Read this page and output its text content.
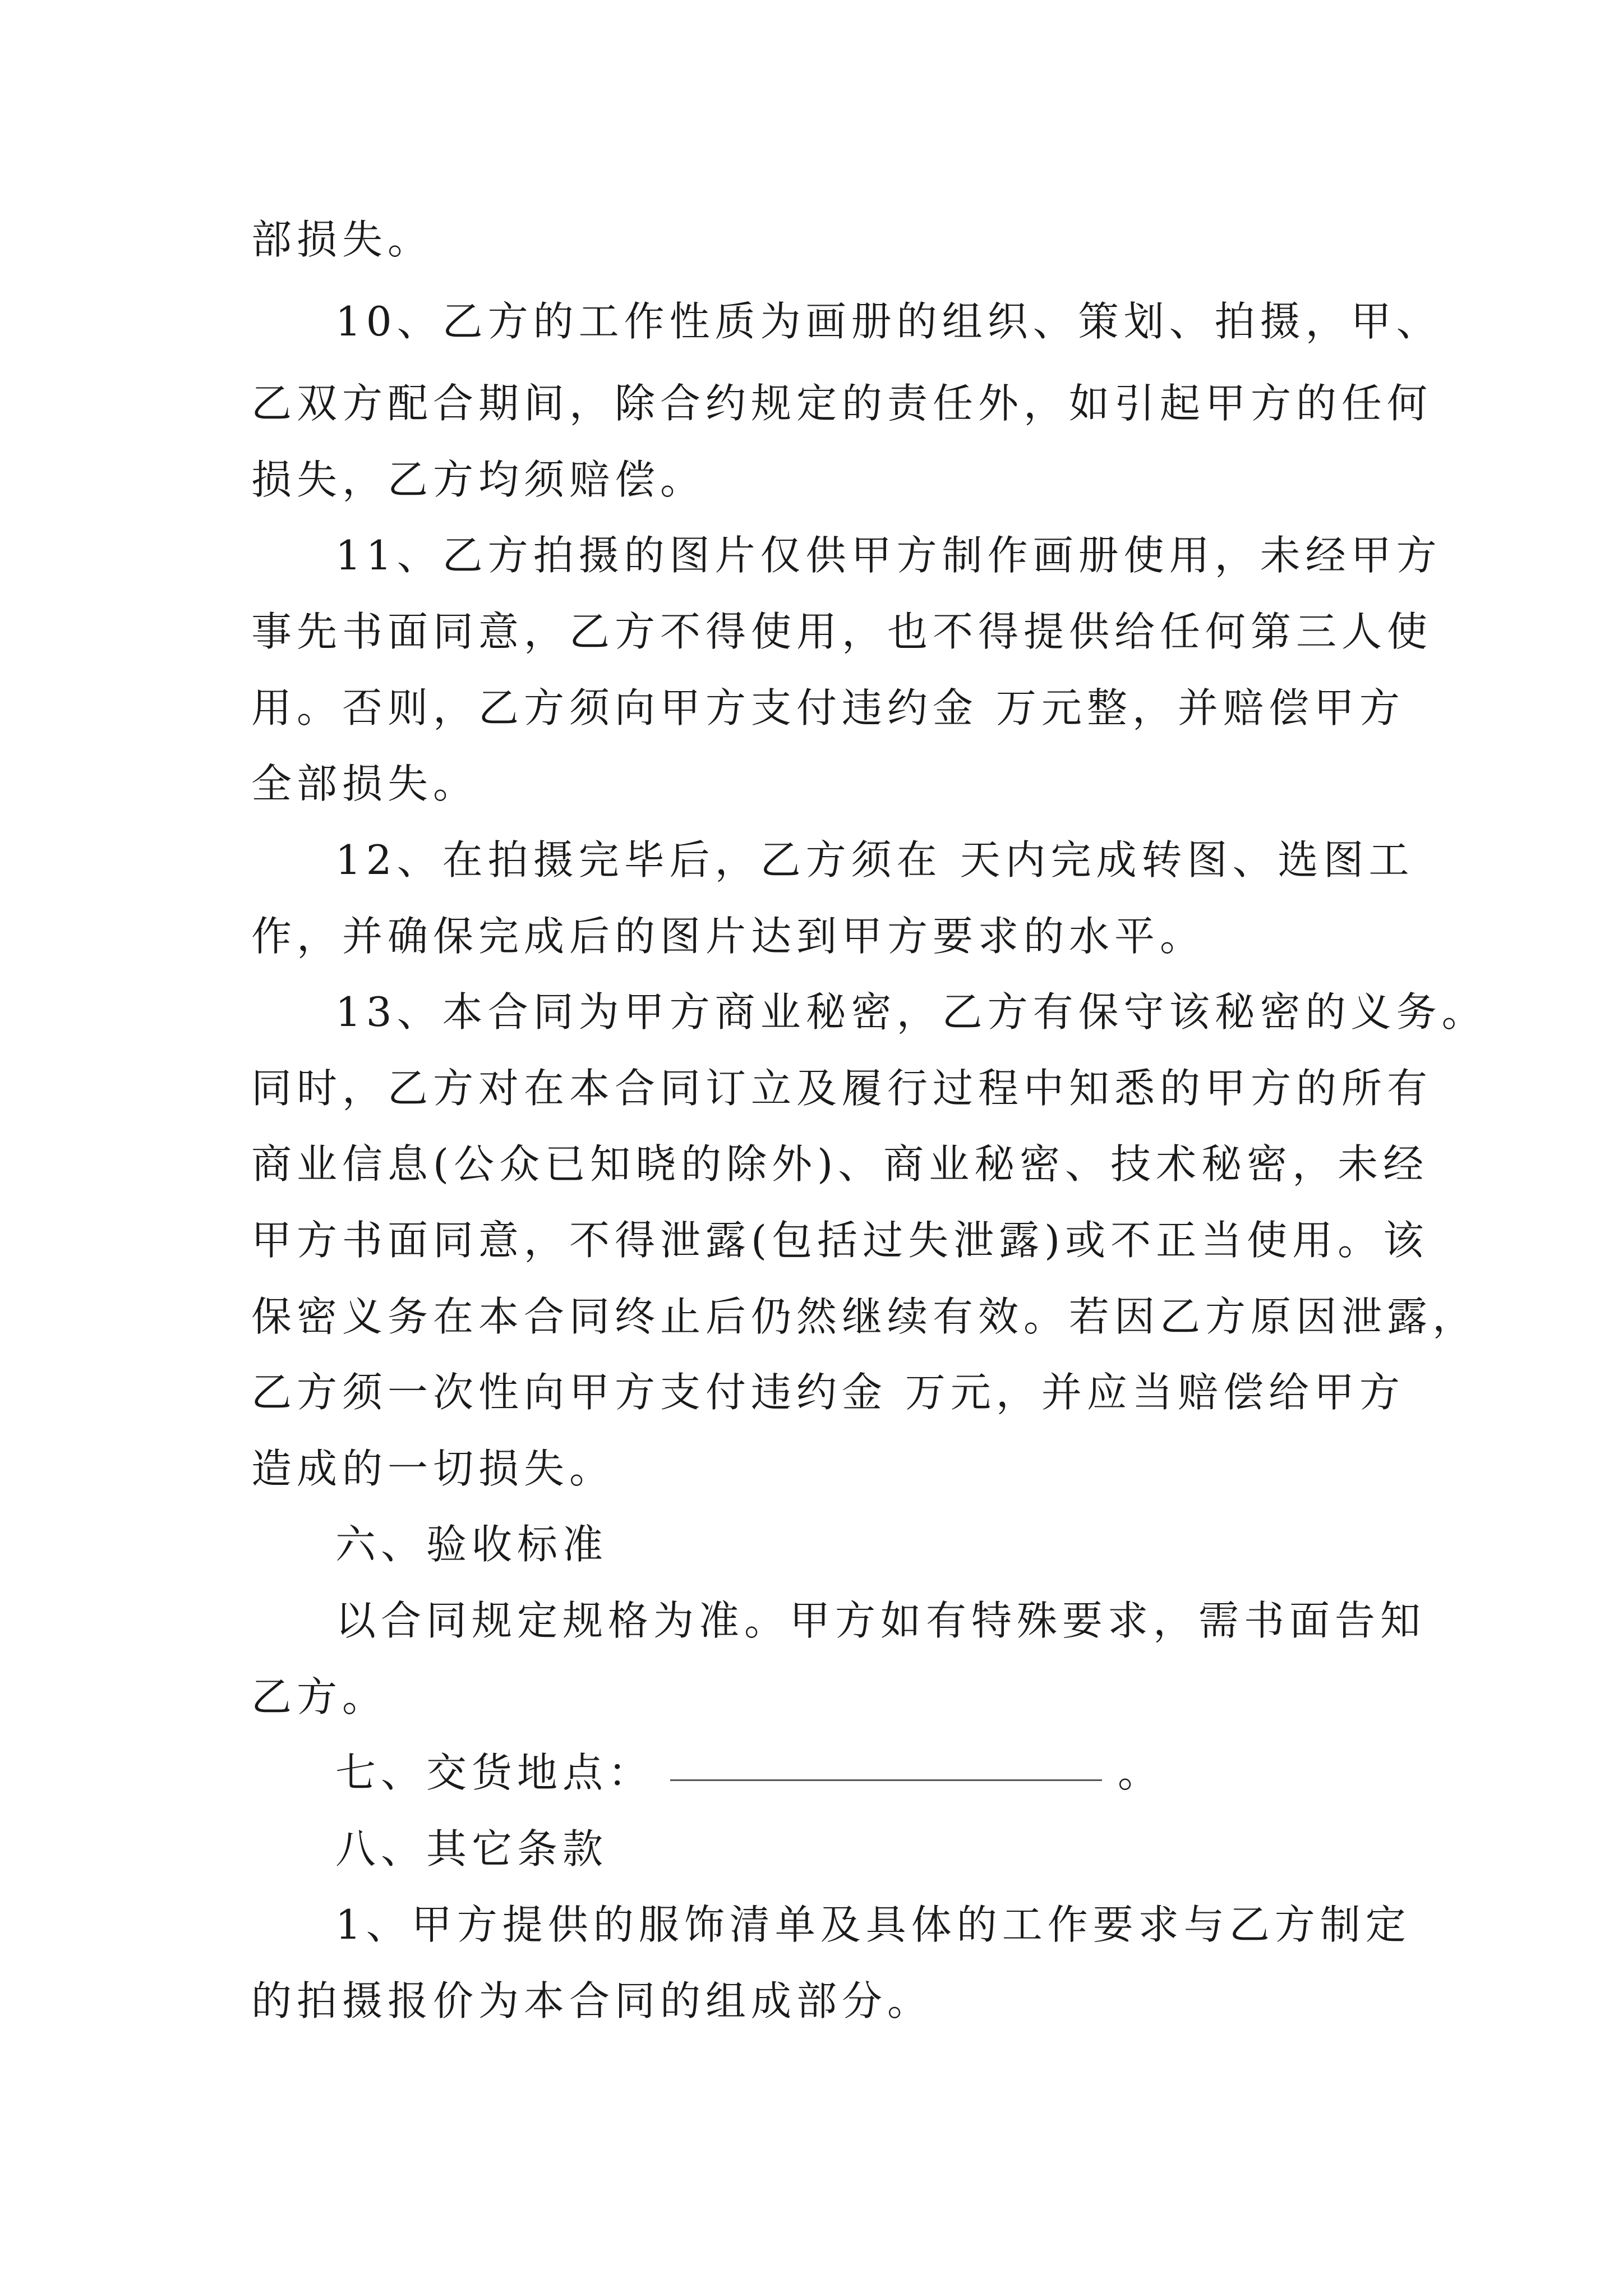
部损失。
10、乙方的工作性质为画册的组织、策划、拍摄，甲、
乙双方配合期间，除合约规定的责任外，如引起甲方的任何
损失，乙方均须赔偿。
11、乙方拍摄的图片仅供甲方制作画册使用，未经甲方
事先书面同意，乙方不得使用，也不得提供给任何第三人使
用。否则，乙方须向甲方支付违约金 万元整，并赔偿甲方
全部损失。
12、在拍摄完毕后，乙方须在 天内完成转图、选图工
作，并确保完成后的图片达到甲方要求的水平。
13、本合同为甲方商业秘密，乙方有保守该秘密的义务。
同时，乙方对在本合同订立及履行过程中知悉的甲方的所有
商业信息(公众已知晓的除外)、商业秘密、技术秘密，未经
甲方书面同意，不得泄露(包括过失泄露)或不正当使用。该
保密义务在本合同终止后仍然继续有效。若因乙方原因泄露，
乙方须一次性向甲方支付违约金 万元，并应当赔偿给甲方
造成的一切损失。
六、验收标准
以合同规定规格为准。甲方如有特殊要求，需书面告知
乙方。
七、交货地点：	。
八、其它条款
1、甲方提供的服饰清单及具体的工作要求与乙方制定
的拍摄报价为本合同的组成部分。
